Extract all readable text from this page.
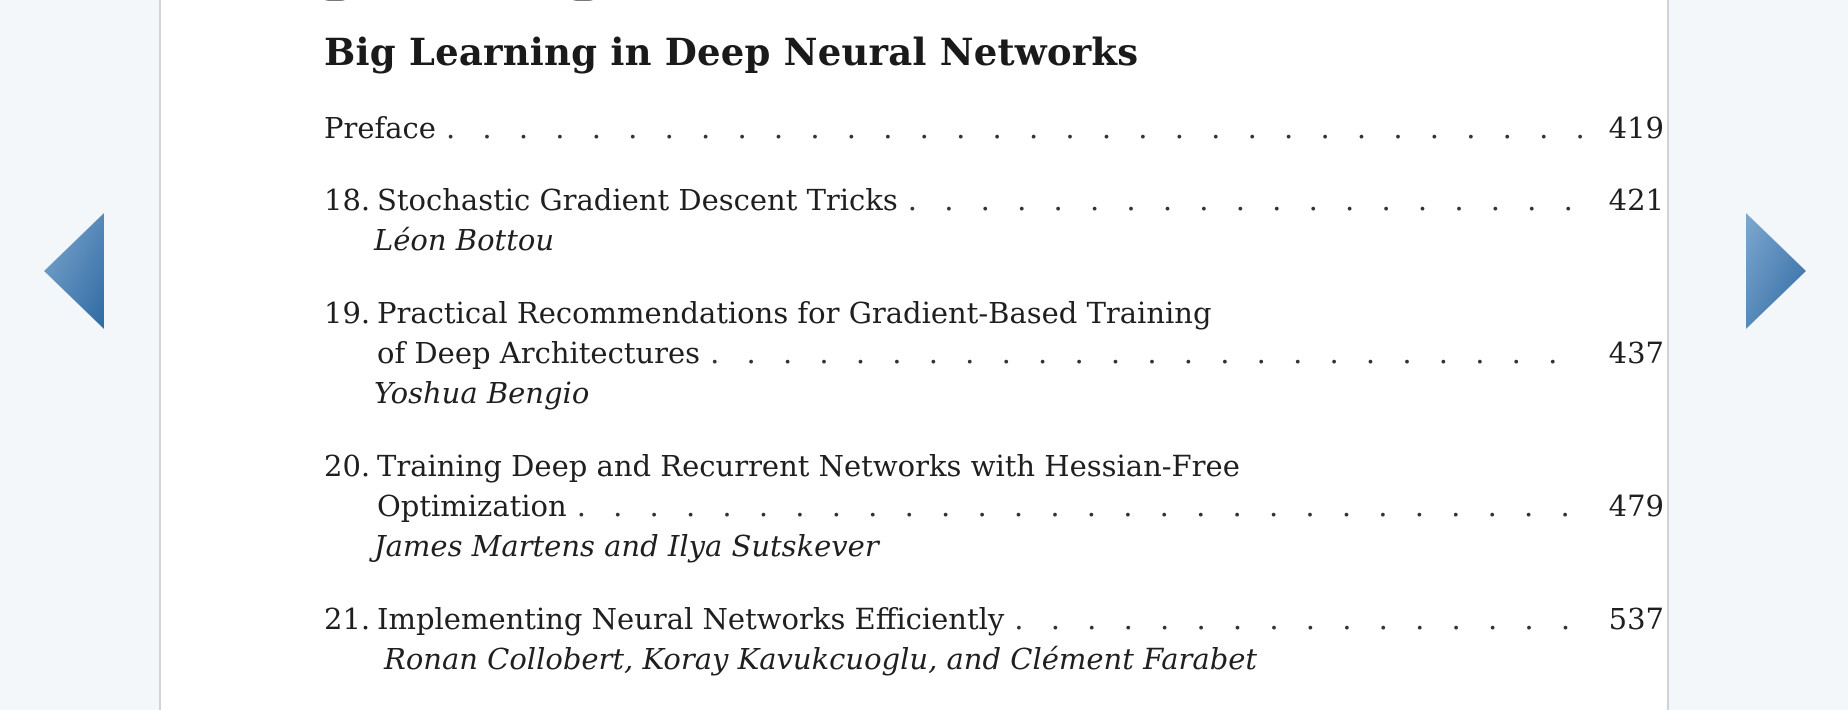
Big Learning in Deep Neural Networks
Preface . . .	419
18. Stochastic Gradient Descent Tricks . . .	421
Léon Bottou
19. Practical Recommendations for Gradient-Based Training
of Deep Architectures . . .	437
Yoshua Bengio
20. Training Deep and Recurrent Networks with Hessian-Free
Optimization . . .	479
James Martens and Ilya Sutskever
21. Implementing Neural Networks Efficiently . . .	537
Ronan Collobert, Koray Kavukcuoglu, and Clément Farabet
